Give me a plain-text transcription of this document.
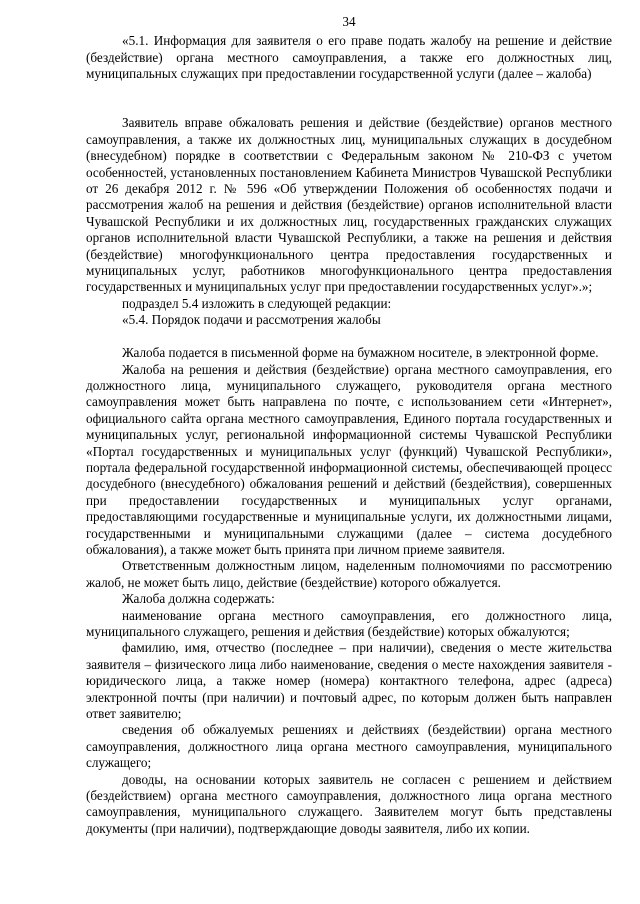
34

«5.1. Информация для заявителя о его праве подать жалобу на решение и действие (бездействие) органа местного самоуправления, а также его должностных лиц, муниципальных служащих при предоставлении государственной услуги (далее – жалоба)

Заявитель вправе обжаловать решения и действие (бездействие) органов местного самоуправления, а также их должностных лиц, муниципальных служащих в досудебном (внесудебном) порядке в соответствии с Федеральным законом № 210-ФЗ с учетом особенностей, установленных постановлением Кабинета Министров Чувашской Республики от 26 декабря 2012 г. № 596 «Об утверждении Положения об особенностях подачи и рассмотрения жалоб на решения и действия (бездействие) органов исполнительной власти Чувашской Республики и их должностных лиц, государственных гражданских служащих органов исполнительной власти Чувашской Республики, а также на решения и действия (бездействие) многофункционального центра предоставления государственных и муниципальных услуг, работников многофункционального центра предоставления государственных и муниципальных услуг при предоставлении государственных услуг».»;

подраздел 5.4 изложить в следующей редакции:

«5.4. Порядок подачи и рассмотрения жалобы

Жалоба подается в письменной форме на бумажном носителе, в электронной форме.

Жалоба на решения и действия (бездействие) органа местного самоуправления, его должностного лица, муниципального служащего, руководителя органа местного самоуправления может быть направлена по почте, с использованием сети «Интернет», официального сайта органа местного самоуправления, Единого портала государственных и муниципальных услуг, региональной информационной системы Чувашской Республики «Портал государственных и муниципальных услуг (функций) Чувашской Республики», портала федеральной государственной информационной системы, обеспечивающей процесс досудебного (внесудебного) обжалования решений и действий (бездействия), совершенных при предоставлении государственных и муниципальных услуг органами, предоставляющими государственные и муниципальные услуги, их должностными лицами, государственными и муниципальными служащими (далее – система досудебного обжалования), а также может быть принята при личном приеме заявителя.

Ответственным должностным лицом, наделенным полномочиями по рассмотрению жалоб, не может быть лицо, действие (бездействие) которого обжалуется.

Жалоба должна содержать:

наименование органа местного самоуправления, его должностного лица, муниципального служащего, решения и действия (бездействие) которых обжалуются;

фамилию, имя, отчество (последнее – при наличии), сведения о месте жительства заявителя – физического лица либо наименование, сведения о месте нахождения заявителя - юридического лица, а также номер (номера) контактного телефона, адрес (адреса) электронной почты (при наличии) и почтовый адрес, по которым должен быть направлен ответ заявителю;

сведения об обжалуемых решениях и действиях (бездействии) органа местного самоуправления, должностного лица органа местного самоуправления, муниципального служащего;

доводы, на основании которых заявитель не согласен с решением и действием (бездействием) органа местного самоуправления, должностного лица органа местного самоуправления, муниципального служащего. Заявителем могут быть представлены документы (при наличии), подтверждающие доводы заявителя, либо их копии.
